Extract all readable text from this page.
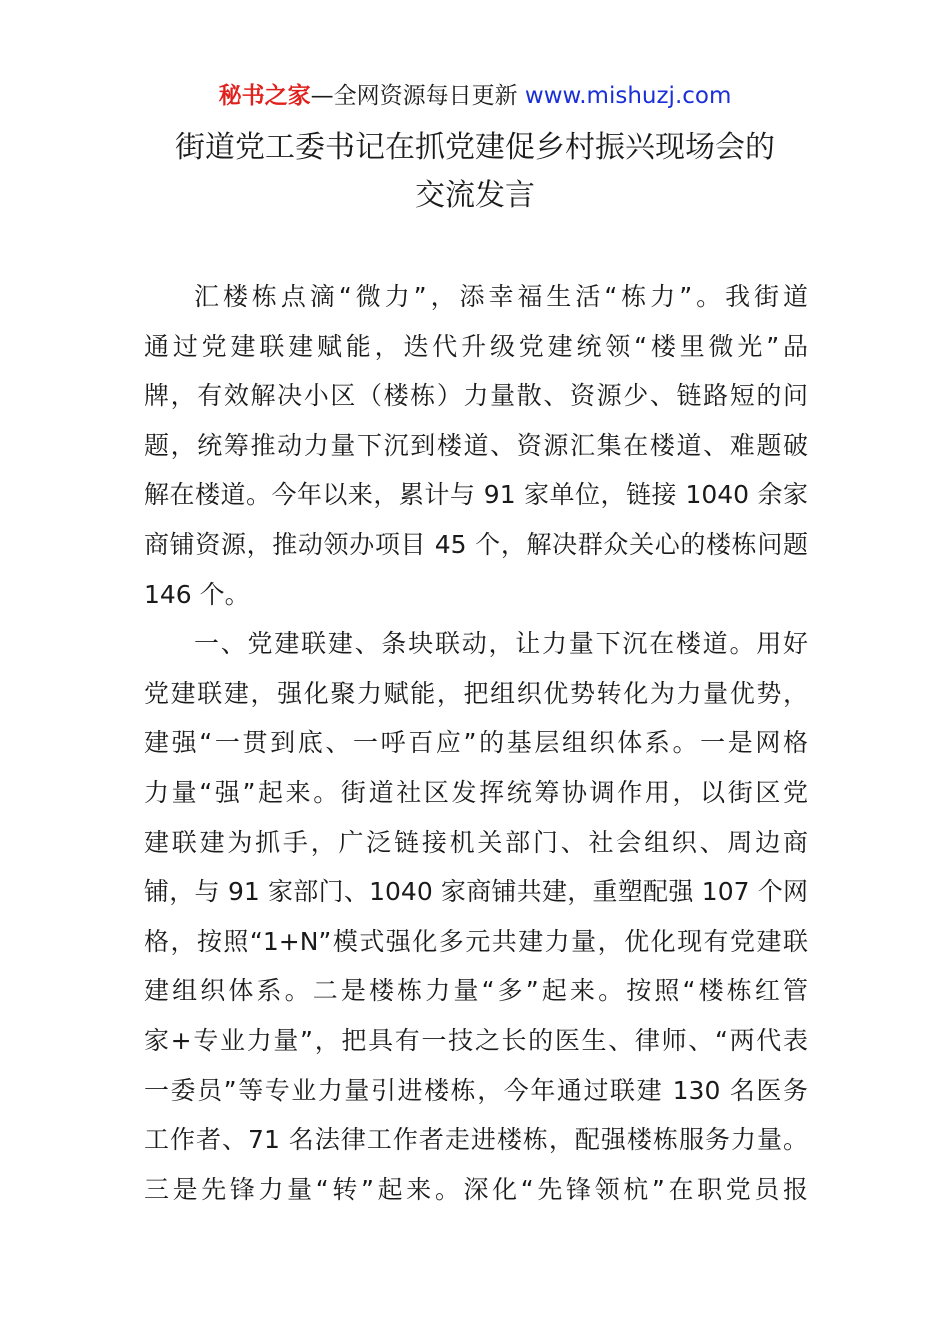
秘书之家—全网资源每日更新 www.mishuzj.com
街道党工委书记在抓党建促乡村振兴现场会的
交流发言
汇楼栋点滴“微力”，添幸福生活“栋力”。我街道
通过党建联建赋能，迭代升级党建统领“楼里微光”品
牌，有效解决小区（楼栋）力量散、资源少、链路短的问
题，统筹推动力量下沉到楼道、资源汇集在楼道、难题破
解在楼道。今年以来，累计与 91 家单位，链接 1040 余家
商铺资源，推动领办项目 45 个，解决群众关心的楼栋问题
146 个。
一、党建联建、条块联动，让力量下沉在楼道。用好
党建联建，强化聚力赋能，把组织优势转化为力量优势，
建强“一贯到底、一呼百应”的基层组织体系。一是网格
力量“强”起来。街道社区发挥统筹协调作用，以街区党
建联建为抓手，广泛链接机关部门、社会组织、周边商
铺，与 91 家部门、1040 家商铺共建，重塑配强 107 个网
格，按照“1+N”模式强化多元共建力量，优化现有党建联
建组织体系。二是楼栋力量“多”起来。按照“楼栋红管
家+专业力量”，把具有一技之长的医生、律师、“两代表
一委员”等专业力量引进楼栋，今年通过联建 130 名医务
工作者、71 名法律工作者走进楼栋，配强楼栋服务力量。
三是先锋力量“转”起来。深化“先锋领杭”在职党员报
